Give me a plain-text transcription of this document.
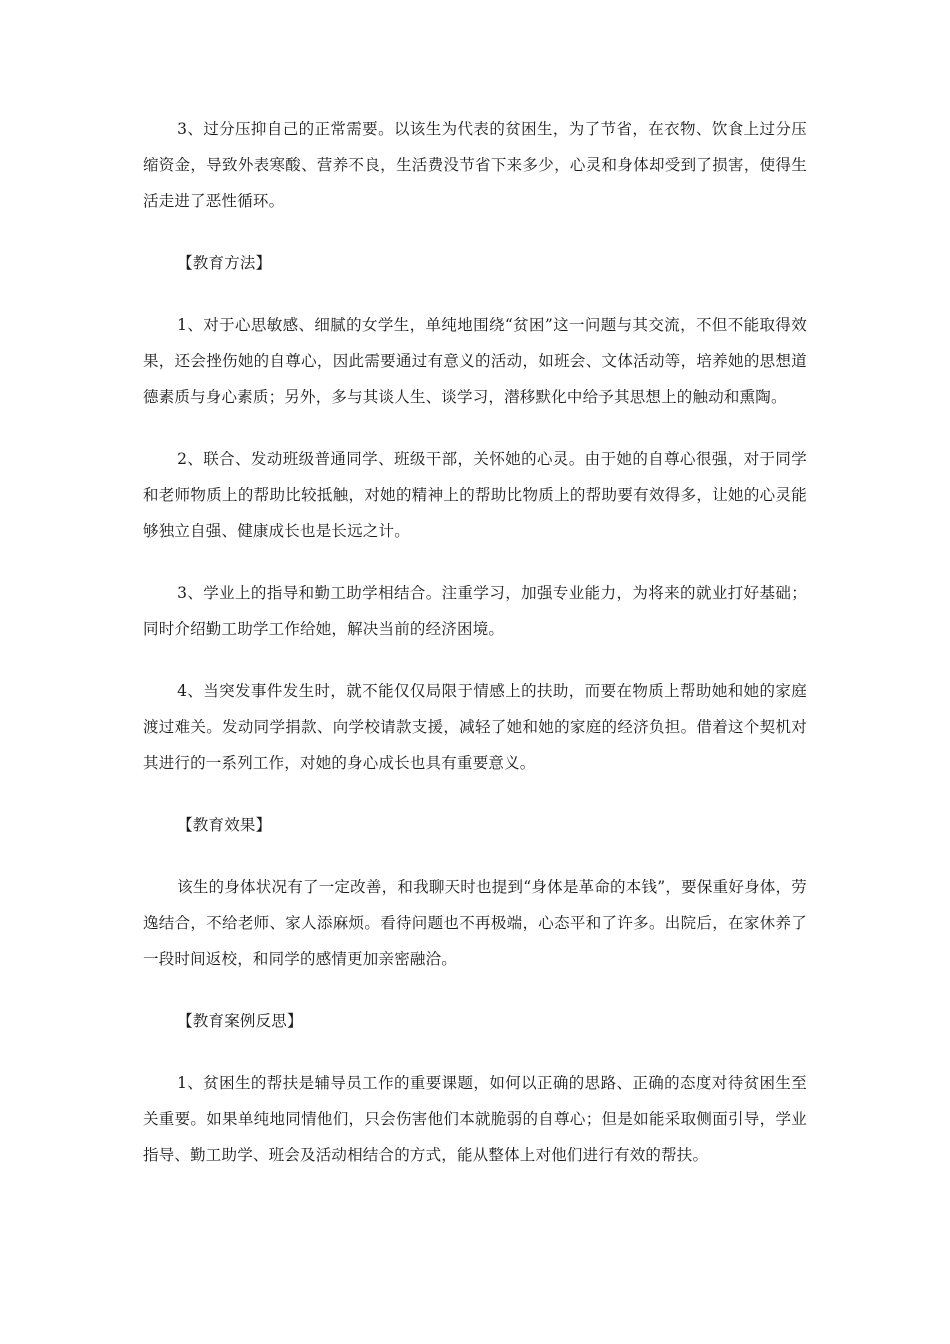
3、过分压抑自己的正常需要。以该生为代表的贫困生，为了节省，在衣物、饮食上过分压缩资金，导致外表寒酸、营养不良，生活费没节省下来多少，心灵和身体却受到了损害，使得生活走进了恶性循环。

【教育方法】

1、对于心思敏感、细腻的女学生，单纯地围绕“贫困”这一问题与其交流，不但不能取得效果，还会挫伤她的自尊心，因此需要通过有意义的活动，如班会、文体活动等，培养她的思想道德素质与身心素质；另外，多与其谈人生、谈学习，潜移默化中给予其思想上的触动和熏陶。

2、联合、发动班级普通同学、班级干部，关怀她的心灵。由于她的自尊心很强，对于同学和老师物质上的帮助比较抵触，对她的精神上的帮助比物质上的帮助要有效得多，让她的心灵能够独立自强、健康成长也是长远之计。

3、学业上的指导和勤工助学相结合。注重学习，加强专业能力，为将来的就业打好基础；同时介绍勤工助学工作给她，解决当前的经济困境。

4、当突发事件发生时，就不能仅仅局限于情感上的扶助，而要在物质上帮助她和她的家庭渡过难关。发动同学捐款、向学校请款支援，减轻了她和她的家庭的经济负担。借着这个契机对其进行的一系列工作，对她的身心成长也具有重要意义。

【教育效果】

该生的身体状况有了一定改善，和我聊天时也提到“身体是革命的本钱”，要保重好身体，劳逸结合，不给老师、家人添麻烦。看待问题也不再极端，心态平和了许多。出院后，在家休养了一段时间返校，和同学的感情更加亲密融洽。

【教育案例反思】

1、贫困生的帮扶是辅导员工作的重要课题，如何以正确的思路、正确的态度对待贫困生至关重要。如果单纯地同情他们，只会伤害他们本就脆弱的自尊心；但是如能采取侧面引导，学业指导、勤工助学、班会及活动相结合的方式，能从整体上对他们进行有效的帮扶。
